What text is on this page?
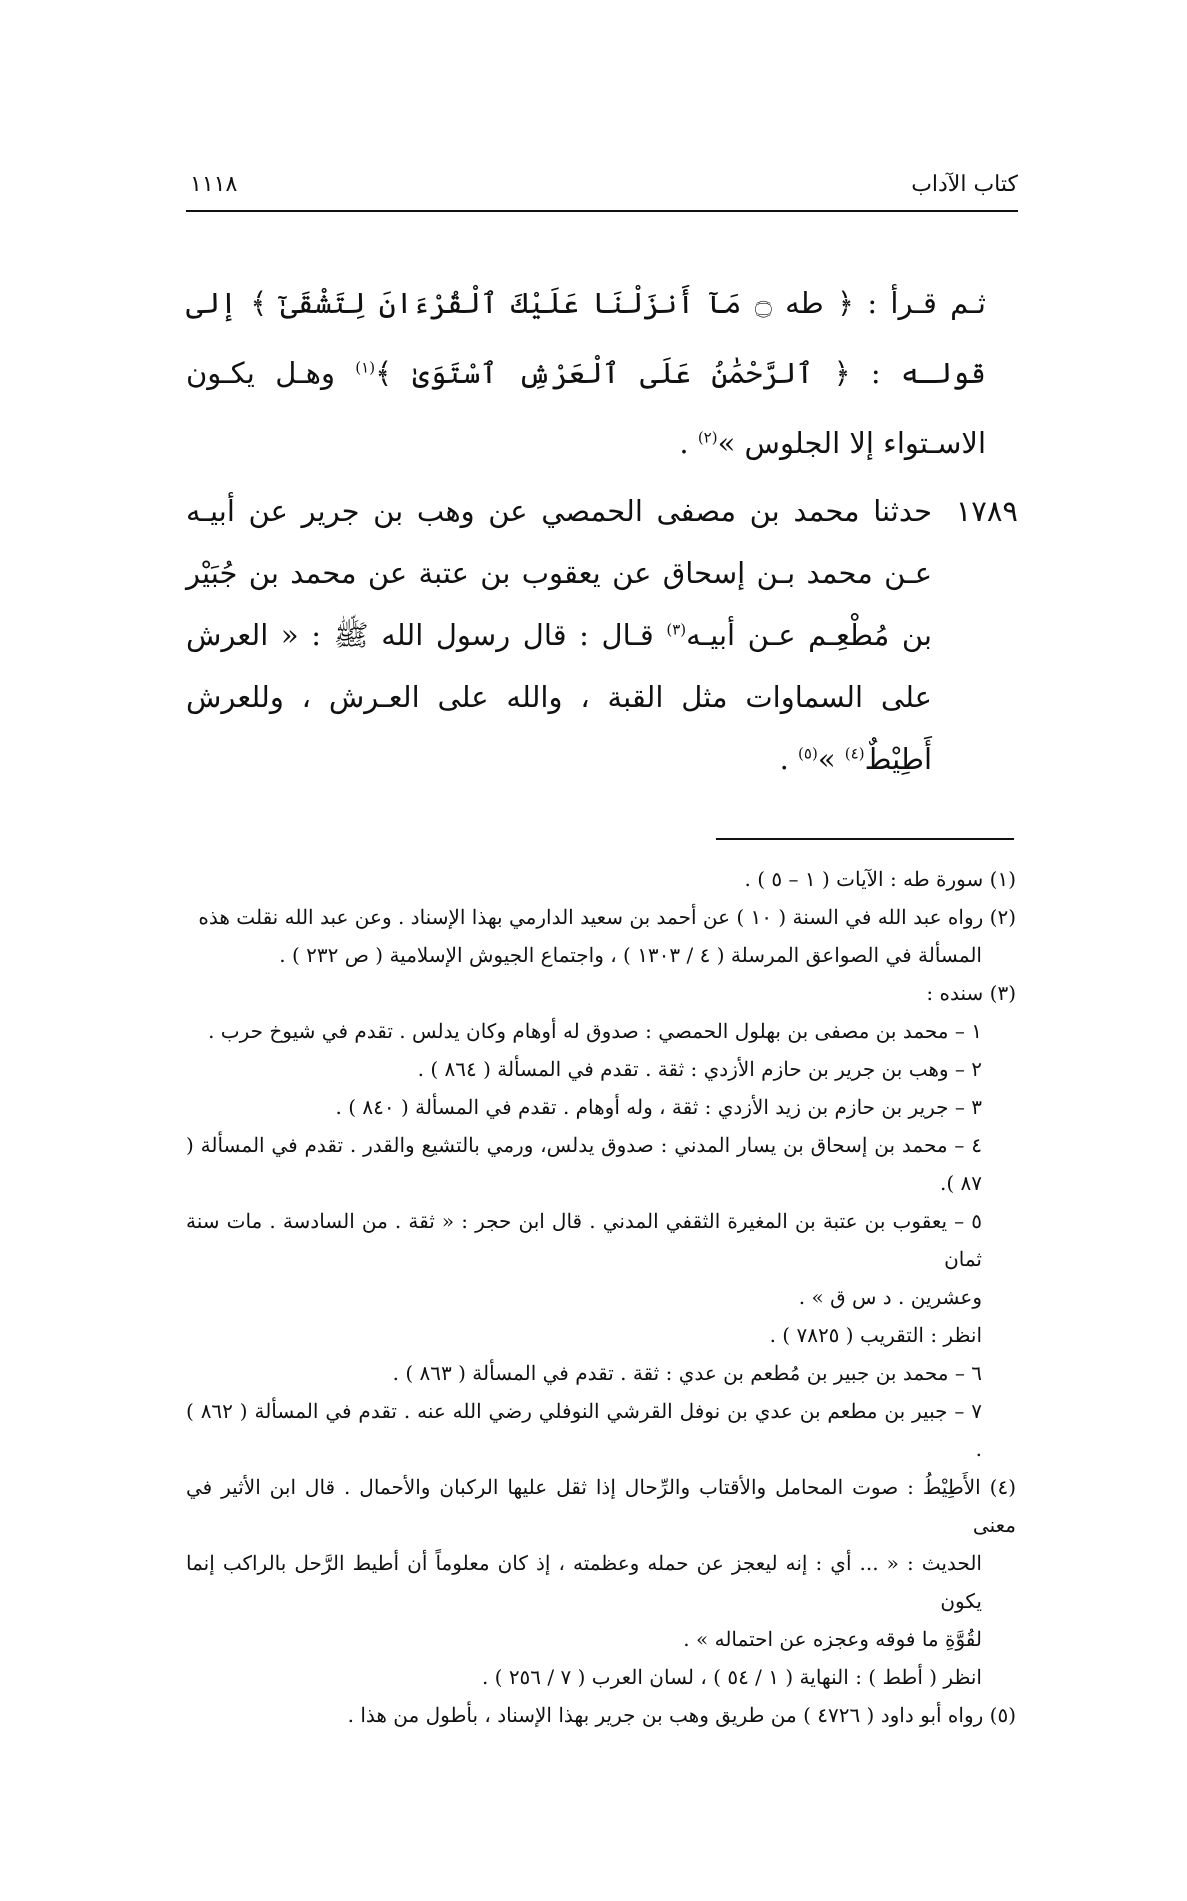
كتاب الآداب
١١١٨
ثـم قـرأ : ﴿ طه ۝ مَآ أَنزَلْنَا عَلَيْكَ ٱلْقُرْءَانَ لِتَشْقَىٰٓ ﴾ إلى قولـه : ﴿ ٱلرَّحْمَٰنُ عَلَى ٱلْعَرْشِ ٱسْتَوَىٰ ﴾$^{(١)}$ وهـل يكـون الاسـتواء إلا الجلوس »$^{(٢)}$ .
١٧٨٩
حدثنا محمد بن مصفى الحمصي عن وهب بن جرير عن أبيـه عـن محمد بـن إسحاق عن يعقوب بن عتبة عن محمد بن جُبَيْر بن مُطْعِـم عـن أبيـه$^{(٣)}$ قـال : قال رسول الله ﷺ : « العرش على السماوات مثل القبة ، والله على العـرش ، وللعرش أَطِيْطٌ$^{(٤)}$ »$^{(٥)}$ .
(١) سورة طه : الآيات ( ١ – ٥ ) .
(٢) رواه عبد الله في السنة ( ١٠ ) عن أحمد بن سعيد الدارمي بهذا الإسناد . وعن عبد الله نقلت هذه
المسألة في الصواعق المرسلة ( ٤ / ١٣٠٣ ) ، واجتماع الجيوش الإسلامية ( ص ٢٣٢ ) .
(٣) سنده :
١ – محمد بن مصفى بن بهلول الحمصي : صدوق له أوهام وكان يدلس . تقدم في شيوخ حرب .
٢ – وهب بن جرير بن حازم الأزدي : ثقة . تقدم في المسألة ( ٨٦٤ ) .
٣ – جرير بن حازم بن زيد الأزدي : ثقة ، وله أوهام . تقدم في المسألة ( ٨٤٠ ) .
٤ – محمد بن إسحاق بن يسار المدني : صدوق يدلس، ورمي بالتشيع والقدر . تقدم في المسألة ( ٨٧ ).
٥ – يعقوب بن عتبة بن المغيرة الثقفي المدني . قال ابن حجر : « ثقة . من السادسة . مات سنة ثمان
وعشرين . د س ق » .
انظر : التقريب ( ٧٨٢٥ ) .
٦ – محمد بن جبير بن مُطعم بن عدي : ثقة . تقدم في المسألة ( ٨٦٣ ) .
٧ – جبير بن مطعم بن عدي بن نوفل القرشي النوفلي رضي الله عنه . تقدم في المسألة ( ٨٦٢ ) .
(٤) الأَطِيْطُ : صوت المحامل والأقتاب والرِّحال إذا ثقل عليها الركبان والأحمال . قال ابن الأثير في معنى
الحديث : « ... أي : إنه ليعجز عن حمله وعظمته ، إذ كان معلوماً أن أطيط الرَّحل بالراكب إنما يكون
لقُوَّةِ ما فوقه وعجزه عن احتماله » .
انظر ( أطط ) : النهاية ( ١ / ٥٤ ) ، لسان العرب ( ٧ / ٢٥٦ ) .
(٥) رواه أبو داود ( ٤٧٢٦ ) من طريق وهب بن جرير بهذا الإسناد ، بأطول من هذا .
